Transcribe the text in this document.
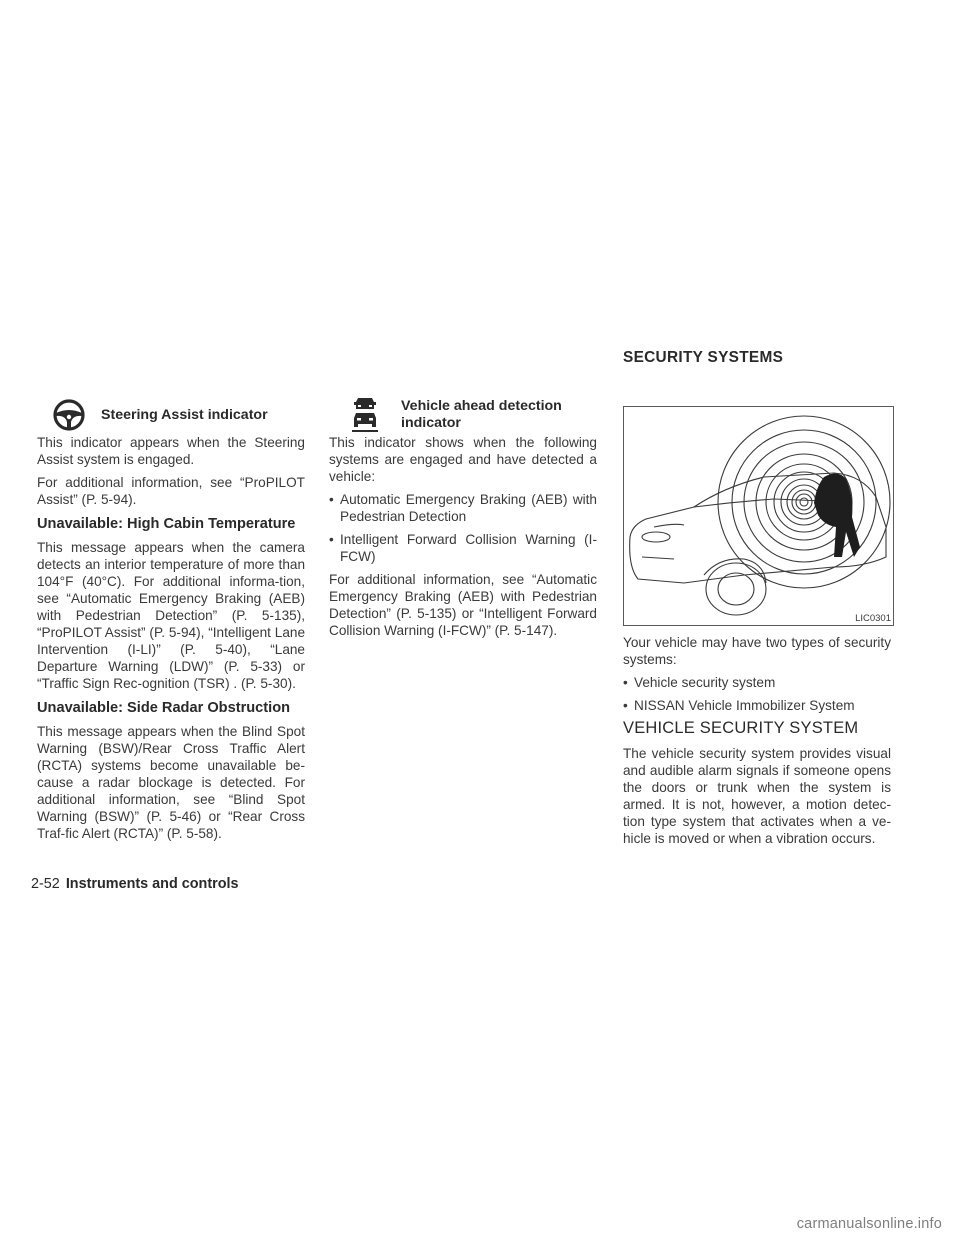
SECURITY SYSTEMS
Steering Assist indicator

This indicator appears when the Steering Assist system is engaged.

For additional information, see “ProPILOT Assist” (P. 5-94).

Unavailable: High Cabin Temperature

This message appears when the camera detects an interior temperature of more than 104°F (40°C). For additional informa-tion, see “Automatic Emergency Braking (AEB) with Pedestrian Detection” (P. 5-135), “ProPILOT Assist” (P. 5-94), “Intelligent Lane Intervention (I-LI)” (P. 5-40), “Lane Departure Warning (LDW)” (P. 5-33) or “Traffic Sign Rec-ognition (TSR) . (P. 5-30).

Unavailable: Side Radar Obstruction

This message appears when the Blind Spot Warning (BSW)/Rear Cross Traffic Alert (RCTA) systems become unavailable be-cause a radar blockage is detected. For additional information, see “Blind Spot Warning (BSW)” (P. 5-46) or “Rear Cross Traf-fic Alert (RCTA)” (P. 5-58).

Vehicle ahead detection indicator

This indicator shows when the following systems are engaged and have detected a vehicle:

• Automatic Emergency Braking (AEB) with Pedestrian Detection
• Intelligent Forward Collision Warning (I-FCW)

For additional information, see “Automatic Emergency Braking (AEB) with Pedestrian Detection” (P. 5-135) or “Intelligent Forward Collision Warning (I-FCW)” (P. 5-147).

LIC0301

Your vehicle may have two types of security systems:

• Vehicle security system
• NISSAN Vehicle Immobilizer System
VEHICLE SECURITY SYSTEM

The vehicle security system provides visual and audible alarm signals if someone opens the doors or trunk when the system is armed. It is not, however, a motion detec-tion type system that activates when a ve-hicle is moved or when a vibration occurs.

2-52 Instruments and controls
carmanualsonline.info
